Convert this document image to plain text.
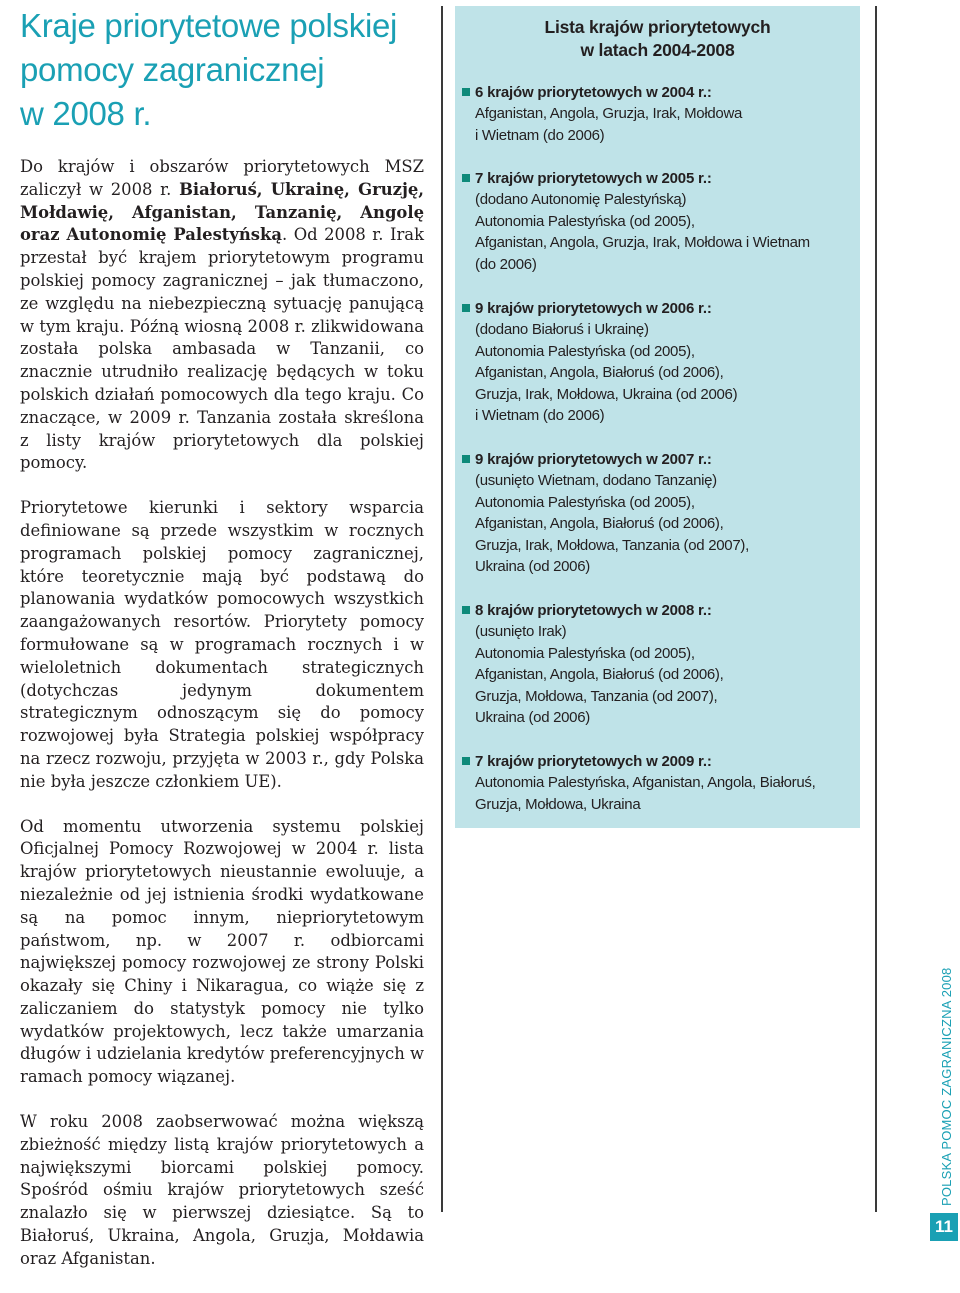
Kraje priorytetowe polskiej
pomocy zagranicznej
w 2008 r.

Do krajów i obszarów priorytetowych MSZ zaliczył w 2008 r. Białoruś, Ukrainę, Gruzję, Mołdawię, Afganistan, Tanzanię, Angolę oraz Autonomię Palestyńską. Od 2008 r. Irak przestał być krajem priorytetowym programu polskiej pomocy zagranicznej – jak tłumaczono, ze względu na niebezpieczną sytuację panującą w tym kraju. Późną wiosną 2008 r. zlikwidowana została polska ambasada w Tanzanii, co znacznie utrudniło realizację będących w toku polskich działań pomocowych dla tego kraju. Co znaczące, w 2009 r. Tanzania została skreślona z listy krajów priorytetowych dla polskiej pomocy.

Priorytetowe kierunki i sektory wsparcia definiowane są przede wszystkim w rocznych programach polskiej pomocy zagranicznej, które teoretycznie mają być podstawą do planowania wydatków pomocowych wszystkich zaangażowanych resortów. Priorytety pomocy formułowane są w programach rocznych i w wieloletnich dokumentach strategicznych (dotychczas jedynym dokumentem strategicznym odnoszącym się do pomocy rozwojowej była Strategia polskiej współpracy na rzecz rozwoju, przyjęta w 2003 r., gdy Polska nie była jeszcze członkiem UE).

Od momentu utworzenia systemu polskiej Oficjalnej Pomocy Rozwojowej w 2004 r. lista krajów priorytetowych nieustannie ewoluuje, a niezależnie od jej istnienia środki wydatkowane są na pomoc innym, niepriorytetowym państwom, np. w 2007 r. odbiorcami największej pomocy rozwojowej ze strony Polski okazały się Chiny i Nikaragua, co wiąże się z zaliczaniem do statystyk pomocy nie tylko wydatków projektowych, lecz także umarzania długów i udzielania kredytów preferencyjnych w ramach pomocy wiązanej.

W roku 2008 zaobserwować można większą zbieżność między listą krajów priorytetowych a największymi biorcami polskiej pomocy. Spośród ośmiu krajów priorytetowych sześć znalazło się w pierwszej dziesiątce. Są to Białoruś, Ukraina, Angola, Gruzja, Mołdawia oraz Afganistan.

Lista krajów priorytetowych
w latach 2004-2008
6 krajów priorytetowych w 2004 r.:
Afganistan, Angola, Gruzja, Irak, Mołdowa
i Wietnam (do 2006)
7 krajów priorytetowych w 2005 r.:
(dodano Autonomię Palestyńską)
Autonomia Palestyńska (od 2005),
Afganistan, Angola, Gruzja, Irak, Mołdowa i Wietnam
(do 2006)
9 krajów priorytetowych w 2006 r.:
(dodano Białoruś i Ukrainę)
Autonomia Palestyńska (od 2005),
Afganistan, Angola, Białoruś (od 2006),
Gruzja, Irak, Mołdowa, Ukraina (od 2006)
i Wietnam (do 2006)
9 krajów priorytetowych w 2007 r.:
(usunięto Wietnam, dodano Tanzanię)
Autonomia Palestyńska (od 2005),
Afganistan, Angola, Białoruś (od 2006),
Gruzja, Irak, Mołdowa, Tanzania (od 2007),
Ukraina (od 2006)
8 krajów priorytetowych w 2008 r.:
(usunięto Irak)
Autonomia Palestyńska (od 2005),
Afganistan, Angola, Białoruś (od 2006),
Gruzja, Mołdowa, Tanzania (od 2007),
Ukraina (od 2006)
7 krajów priorytetowych w 2009 r.:
Autonomia Palestyńska, Afganistan, Angola, Białoruś,
Gruzja, Mołdowa, Ukraina
POLSKA POMOC ZAGRANICZNA 2008
11
